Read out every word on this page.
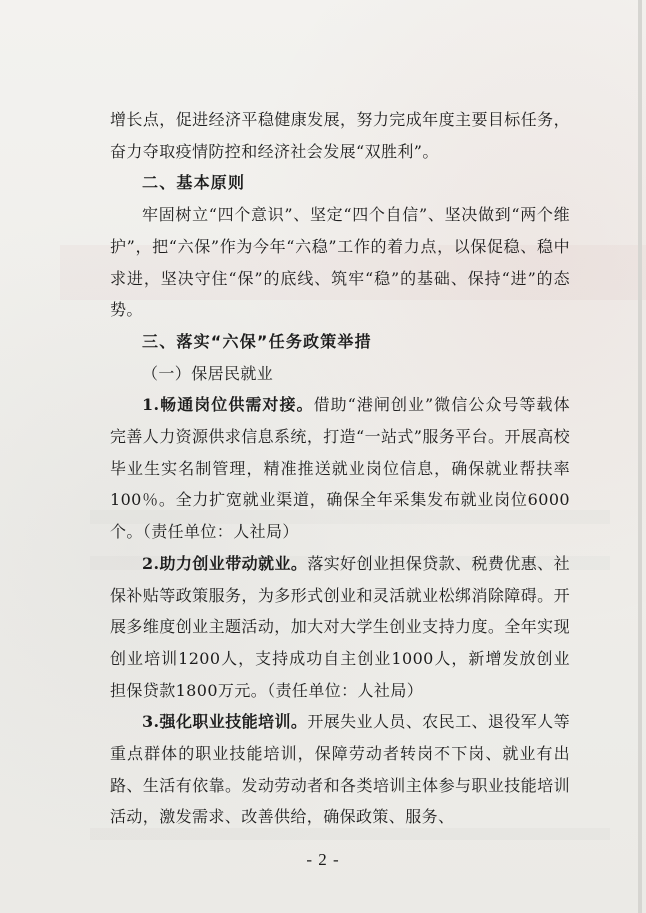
增长点，促进经济平稳健康发展，努力完成年度主要目标任务，奋力夺取疫情防控和经济社会发展“双胜利”。

二、基本原则

牢固树立“四个意识”、坚定“四个自信”、坚决做到“两个维护”，把“六保”作为今年“六稳”工作的着力点，以保促稳、稳中求进，坚决守住“保”的底线、筑牢“稳”的基础、保持“进”的态势。

三、落实“六保”任务政策举措

（一）保居民就业

1.畅通岗位供需对接。借助“港闸创业”微信公众号等载体完善人力资源供求信息系统，打造“一站式”服务平台。开展高校毕业生实名制管理，精准推送就业岗位信息，确保就业帮扶率100％。全力扩宽就业渠道，确保全年采集发布就业岗位6000个。（责任单位：人社局）

2.助力创业带动就业。落实好创业担保贷款、税费优惠、社保补贴等政策服务，为多形式创业和灵活就业松绑消除障碍。开展多维度创业主题活动，加大对大学生创业支持力度。全年实现创业培训1200人，支持成功自主创业1000人，新增发放创业担保贷款1800万元。（责任单位：人社局）

3.强化职业技能培训。开展失业人员、农民工、退役军人等重点群体的职业技能培训，保障劳动者转岗不下岗、就业有出路、生活有依靠。发动劳动者和各类培训主体参与职业技能培训活动，激发需求、改善供给，确保政策、服务、

- 2 -
